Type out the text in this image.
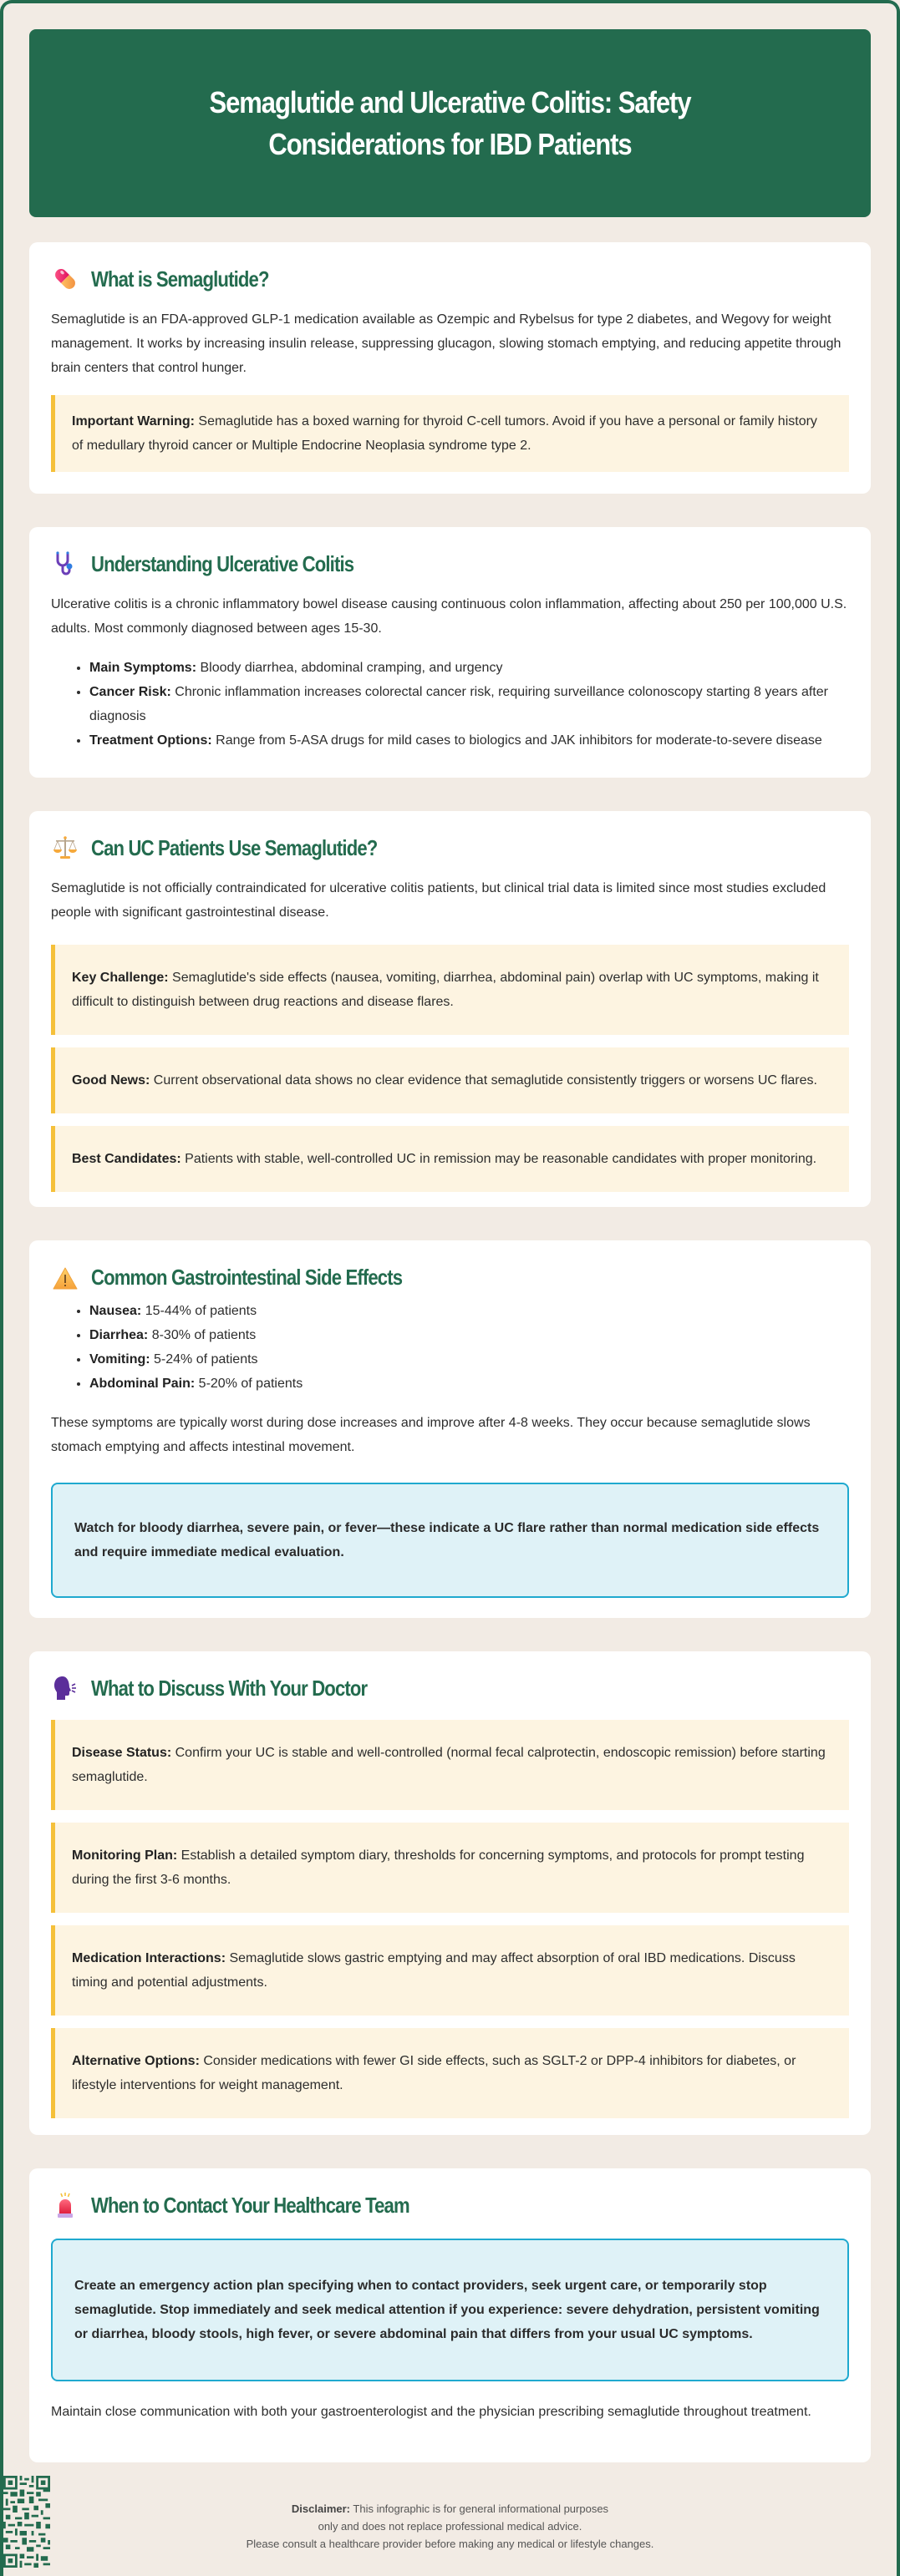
Semaglutide and Ulcerative Colitis: Safety Considerations for IBD Patients
What is Semaglutide?

Semaglutide is an FDA-approved GLP-1 medication available as Ozempic and Rybelsus for type 2 diabetes, and Wegovy for weight management. It works by increasing insulin release, suppressing glucagon, slowing stomach emptying, and reducing appetite through brain centers that control hunger.

Important Warning: Semaglutide has a boxed warning for thyroid C-cell tumors. Avoid if you have a personal or family history of medullary thyroid cancer or Multiple Endocrine Neoplasia syndrome type 2.
Understanding Ulcerative Colitis

Ulcerative colitis is a chronic inflammatory bowel disease causing continuous colon inflammation, affecting about 250 per 100,000 U.S. adults. Most commonly diagnosed between ages 15-30.

• Main Symptoms: Bloody diarrhea, abdominal cramping, and urgency
• Cancer Risk: Chronic inflammation increases colorectal cancer risk, requiring surveillance colonoscopy starting 8 years after diagnosis
• Treatment Options: Range from 5-ASA drugs for mild cases to biologics and JAK inhibitors for moderate-to-severe disease
Can UC Patients Use Semaglutide?

Semaglutide is not officially contraindicated for ulcerative colitis patients, but clinical trial data is limited since most studies excluded people with significant gastrointestinal disease.

Key Challenge: Semaglutide's side effects (nausea, vomiting, diarrhea, abdominal pain) overlap with UC symptoms, making it difficult to distinguish between drug reactions and disease flares.
Good News: Current observational data shows no clear evidence that semaglutide consistently triggers or worsens UC flares.
Best Candidates: Patients with stable, well-controlled UC in remission may be reasonable candidates with proper monitoring.
Common Gastrointestinal Side Effects
• Nausea: 15-44% of patients
• Diarrhea: 8-30% of patients
• Vomiting: 5-24% of patients
• Abdominal Pain: 5-20% of patients

These symptoms are typically worst during dose increases and improve after 4-8 weeks. They occur because semaglutide slows stomach emptying and affects intestinal movement.

Watch for bloody diarrhea, severe pain, or fever—these indicate a UC flare rather than normal medication side effects and require immediate medical evaluation.
What to Discuss With Your Doctor
Disease Status: Confirm your UC is stable and well-controlled (normal fecal calprotectin, endoscopic remission) before starting semaglutide.
Monitoring Plan: Establish a detailed symptom diary, thresholds for concerning symptoms, and protocols for prompt testing during the first 3-6 months.
Medication Interactions: Semaglutide slows gastric emptying and may affect absorption of oral IBD medications. Discuss timing and potential adjustments.
Alternative Options: Consider medications with fewer GI side effects, such as SGLT-2 or DPP-4 inhibitors for diabetes, or lifestyle interventions for weight management.
When to Contact Your Healthcare Team
Create an emergency action plan specifying when to contact providers, seek urgent care, or temporarily stop semaglutide. Stop immediately and seek medical attention if you experience: severe dehydration, persistent vomiting or diarrhea, bloody stools, high fever, or severe abdominal pain that differs from your usual UC symptoms.

Maintain close communication with both your gastroenterologist and the physician prescribing semaglutide throughout treatment.

Disclaimer: This infographic is for general informational purposes
only and does not replace professional medical advice.
Please consult a healthcare provider before making any medical or lifestyle changes.
